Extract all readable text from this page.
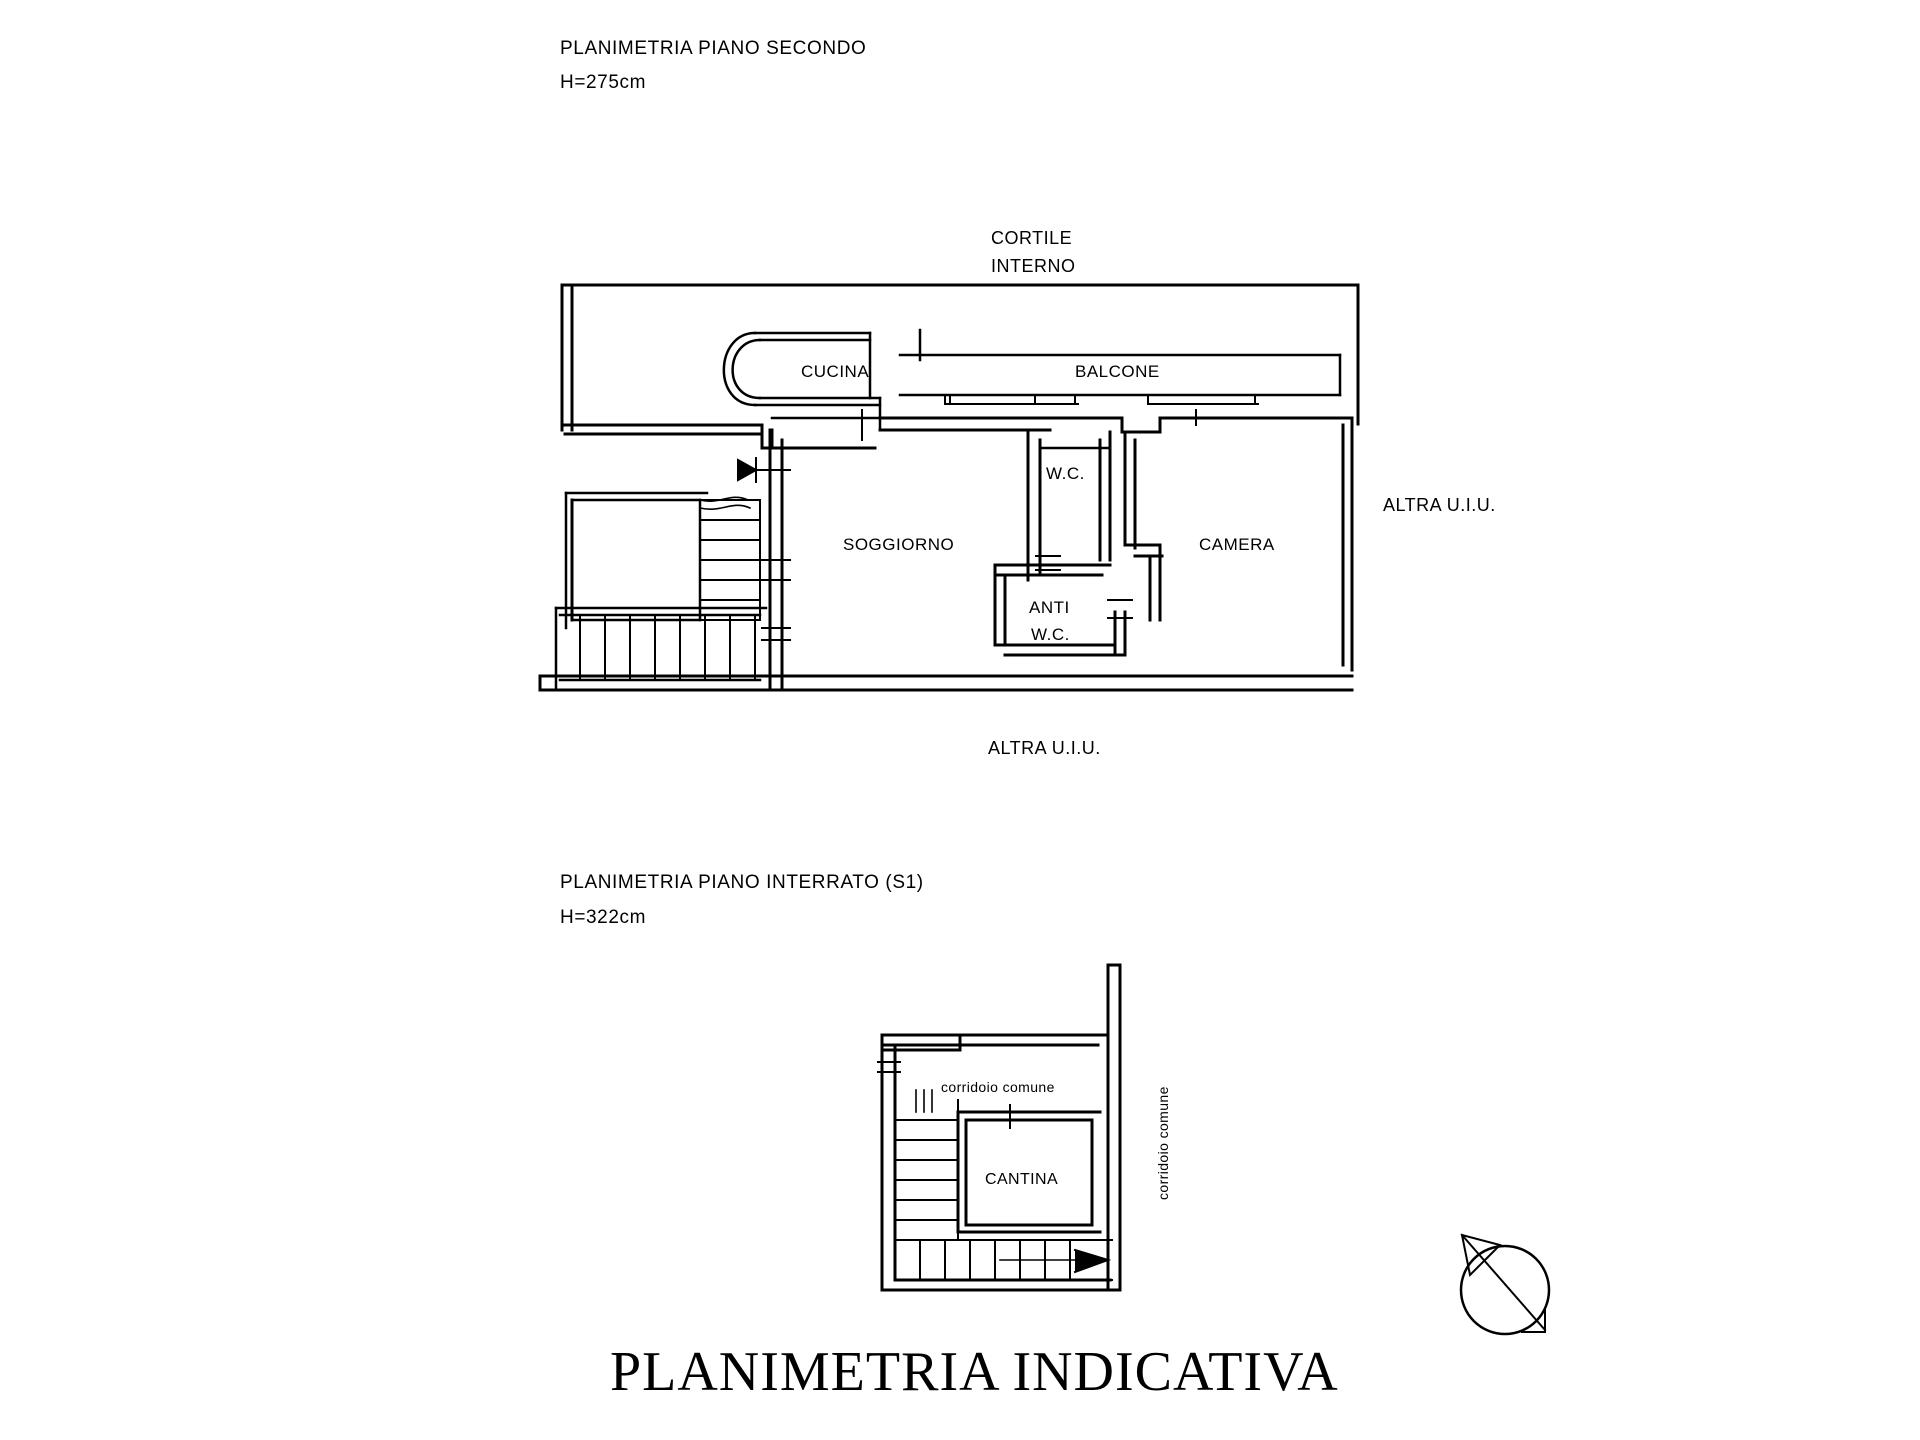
PLANIMETRIA PIANO SECONDO
H=275cm
CORTILE
INTERNO
ALTRA U.I.U.
ALTRA U.I.U.
CUCINA	BALCONE
SOGGIORNO
W.C.
ANTI
W.C.
CAMERA
PLANIMETRIA PIANO INTERRATO (S1)
H=322cm
corridoio comune	corridoio comune
CANTINA
PLANIMETRIA INDICATIVA
